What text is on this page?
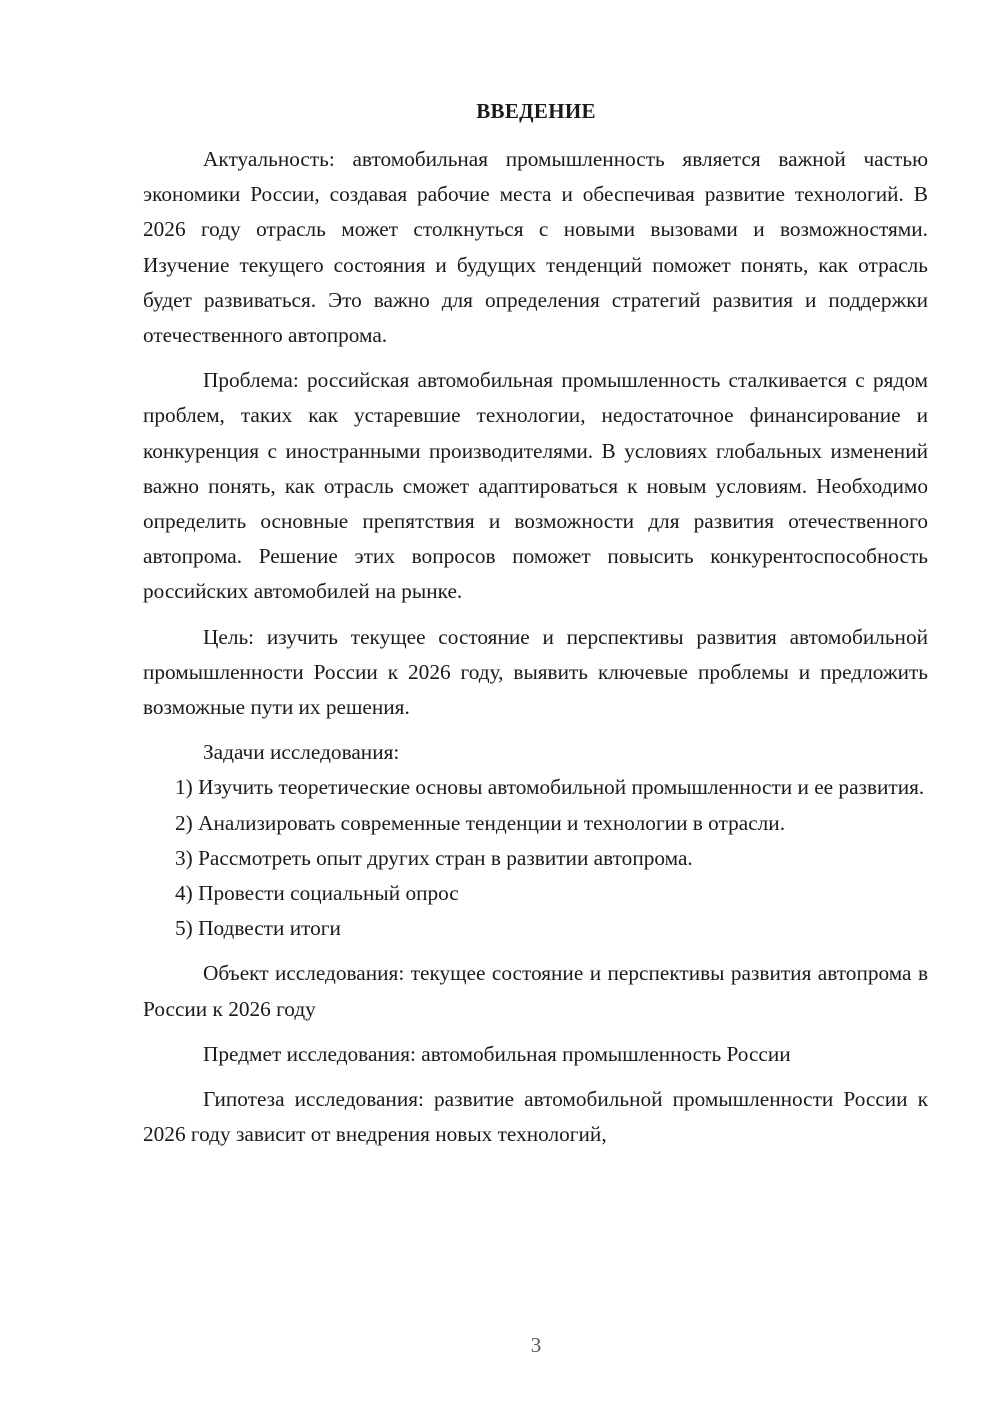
ВВЕДЕНИЕ

Актуальность: автомобильная промышленность является важной частью экономики России, создавая рабочие места и обеспечивая развитие технологий. В 2026 году отрасль может столкнуться с новыми вызовами и возможностями. Изучение текущего состояния и будущих тенденций поможет понять, как отрасль будет развиваться. Это важно для определения стратегий развития и поддержки отечественного автопрома.

Проблема: российская автомобильная промышленность сталкивается с рядом проблем, таких как устаревшие технологии, недостаточное финансирование и конкуренция с иностранными производителями. В условиях глобальных изменений важно понять, как отрасль сможет адаптироваться к новым условиям. Необходимо определить основные препятствия и возможности для развития отечественного автопрома. Решение этих вопросов поможет повысить конкурентоспособность российских автомобилей на рынке.

Цель: изучить текущее состояние и перспективы развития автомобильной промышленности России к 2026 году, выявить ключевые проблемы и предложить возможные пути их решения.

Задачи исследования:

1) Изучить теоретические основы автомобильной промышленности и ее развития.

2) Анализировать современные тенденции и технологии в отрасли.

3) Рассмотреть опыт других стран в развитии автопрома.

4) Провести социальный опрос

5) Подвести итоги

Объект исследования: текущее состояние и перспективы развития автопрома в России к 2026 году

Предмет исследования: автомобильная промышленность России

Гипотеза исследования: развитие автомобильной промышленности России к 2026 году зависит от внедрения новых технологий,

3
